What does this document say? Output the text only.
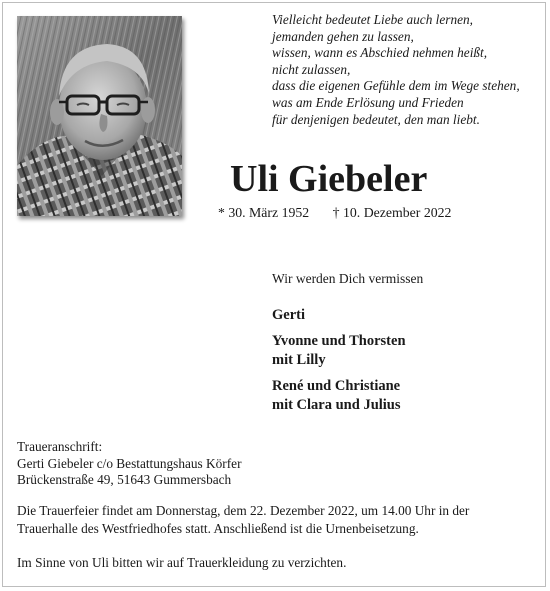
Vielleicht bedeutet Liebe auch lernen,
jemanden gehen zu lassen,
wissen, wann es Abschied nehmen heißt,
nicht zulassen,
dass die eigenen Gefühle dem im Wege stehen,
was am Ende Erlösung und Frieden
für denjenigen bedeutet, den man liebt.
Uli Giebeler
* 30. März 1952 † 10. Dezember 2022
Wir werden Dich vermissen
Gerti
Yvonne und Thorsten
mit Lilly
René und Christiane
mit Clara und Julius
Traueranschrift:
Gerti Giebeler c/o Bestattungshaus Körfer
Brückenstraße 49, 51643 Gummersbach
Die Trauerfeier findet am Donnerstag, dem 22. Dezember 2022, um 14.00 Uhr in der
Trauerhalle des Westfriedhofes statt. Anschließend ist die Urnenbeisetzung.
Im Sinne von Uli bitten wir auf Trauerkleidung zu verzichten.
